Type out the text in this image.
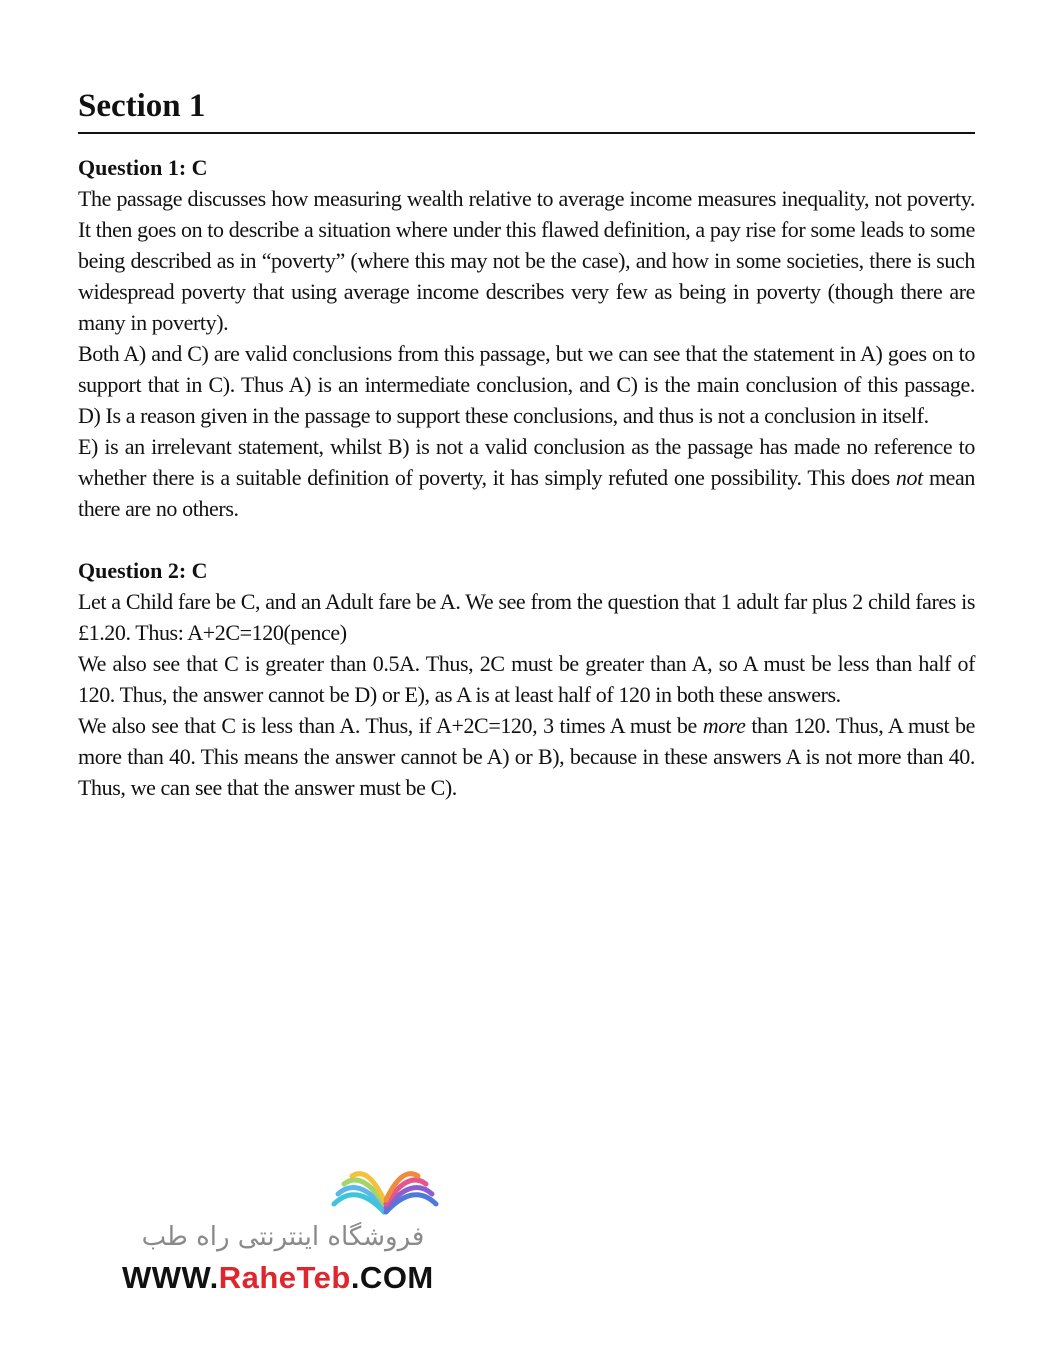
Section 1

Question 1: C

The passage discusses how measuring wealth relative to average income measures inequality, not poverty. It then goes on to describe a situation where under this flawed definition, a pay rise for some leads to some being described as in “poverty” (where this may not be the case), and how in some societies, there is such widespread poverty that using average income describes very few as being in poverty (though there are many in poverty).

Both A) and C) are valid conclusions from this passage, but we can see that the statement in A) goes on to support that in C). Thus A) is an intermediate conclusion, and C) is the main conclusion of this passage. D) Is a reason given in the passage to support these conclusions, and thus is not a conclusion in itself.

E) is an irrelevant statement, whilst B) is not a valid conclusion as the passage has made no reference to whether there is a suitable definition of poverty, it has simply refuted one possibility. This does not mean there are no others.

Question 2: C

Let a Child fare be C, and an Adult fare be A. We see from the question that 1 adult far plus 2 child fares is £1.20. Thus: A+2C=120(pence)

We also see that C is greater than 0.5A. Thus, 2C must be greater than A, so A must be less than half of 120. Thus, the answer cannot be D) or E), as A is at least half of 120 in both these answers.

We also see that C is less than A. Thus, if A+2C=120, 3 times A must be more than 120. Thus, A must be more than 40. This means the answer cannot be A) or B), because in these answers A is not more than 40. Thus, we can see that the answer must be C).

فروشگاه اینترنتی راه طب
WWW.RaheTeb.COM
